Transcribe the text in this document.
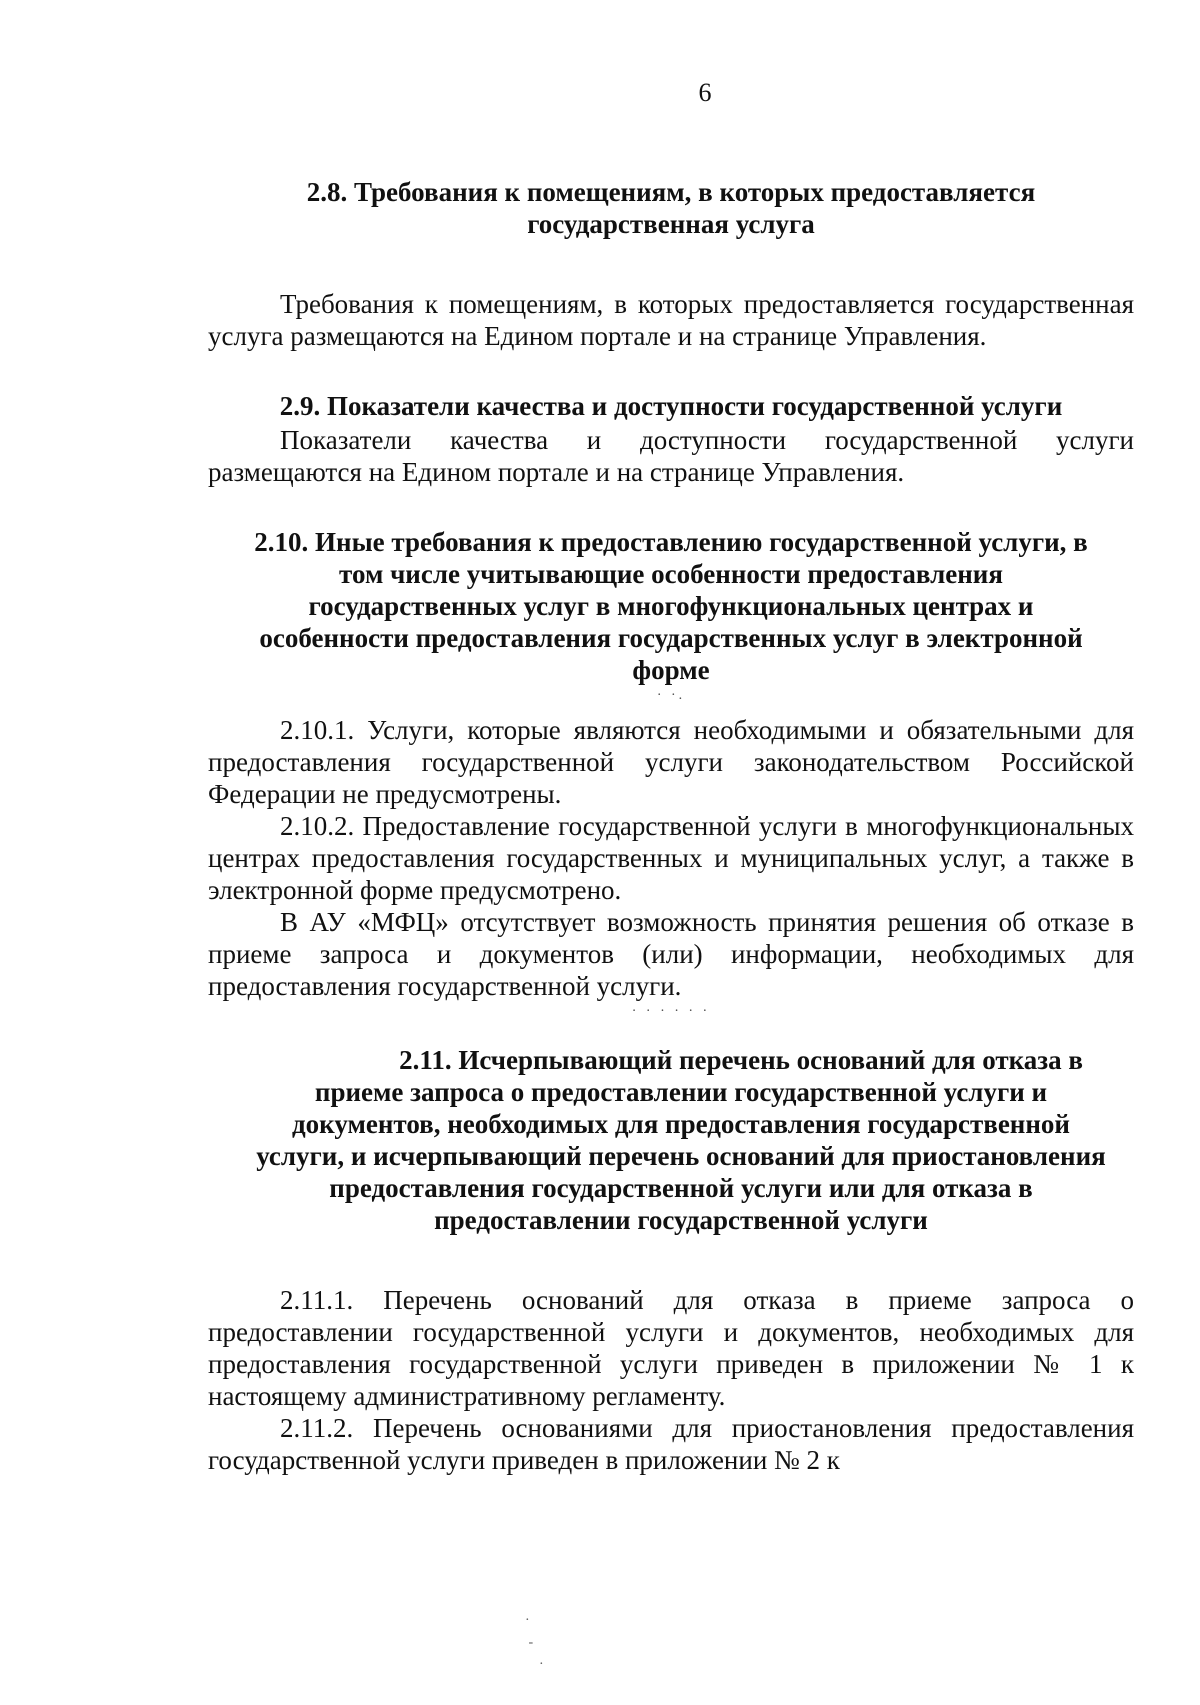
6
2.8. Требования к помещениям, в которых предоставляется
государственная услуга

Требования к помещениям, в которых предоставляется государственная услуга размещаются на Едином портале и на странице Управления.

2.9. Показатели качества и доступности государственной услуги

Показатели качества и доступности государственной услуги размещаются на Едином портале и на странице Управления.

2.10. Иные требования к предоставлению государственной услуги, в
том числе учитывающие особенности предоставления
государственных услуг в многофункциональных центрах и
особенности предоставления государственных услуг в электронной
форме
· ·.

2.10.1. Услуги, которые являются необходимыми и обязательными для предоставления государственной услуги законодательством Российской Федерации не предусмотрены.

2.10.2. Предоставление государственной услуги в многофункциональных центрах предоставления государственных и муниципальных услуг, а также в электронной форме предусмотрено.

В АУ «МФЦ» отсутствует возможность принятия решения об отказе в приеме запроса и документов (или) информации, необходимых для предоставления государственной услуги.

· · · · · ·
2.11. Исчерпывающий перечень оснований для отказа в
приеме запроса о предоставлении государственной услуги и
документов, необходимых для предоставления государственной
услуги, и исчерпывающий перечень оснований для приостановления
предоставления государственной услуги или для отказа в
предоставлении государственной услуги

2.11.1. Перечень оснований для отказа в приеме запроса о предоставлении государственной услуги и документов, необходимых для предоставления государственной услуги приведен в приложении № 1 к настоящему административному регламенту.

2.11.2. Перечень основаниями для приостановления предоставления государственной услуги приведен в приложении № 2 к

·
-
·
